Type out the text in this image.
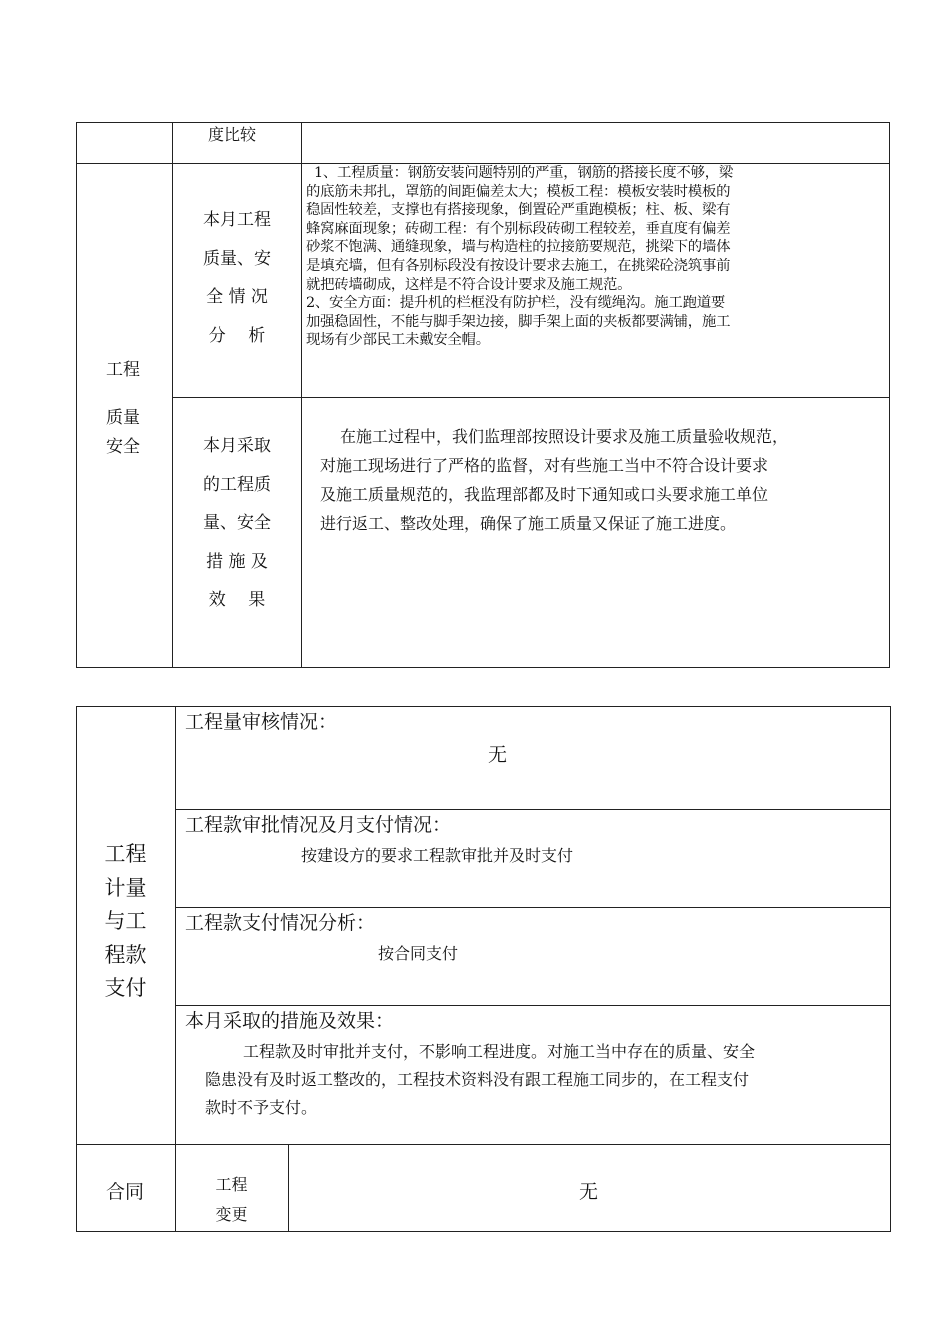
度比较
工程
质量
安全

本月工程

质量、安

全 情 况

分　 析

1、工程质量：钢筋安装问题特别的严重，钢筋的搭接长度不够，梁

的底筋未邦扎，罩筋的间距偏差太大；模板工程：模板安装时模板的

稳固性较差，支撑也有搭接现象，倒置砼严重跑模板；柱、板、梁有

蜂窝麻面现象；砖砌工程：有个别标段砖砌工程较差，垂直度有偏差

砂浆不饱满、通缝现象，墙与构造柱的拉接筋要规范，挑梁下的墙体

是填充墙，但有各别标段没有按设计要求去施工，在挑梁砼浇筑事前

就把砖墙砌成，这样是不符合设计要求及施工规范。

2、安全方面：提升机的栏框没有防护栏，没有缆绳沟。施工跑道要

加强稳固性，不能与脚手架边接，脚手架上面的夹板都要满铺，施工

现场有少部民工未戴安全帽。

本月采取

的工程质

量、安全

措 施 及

效　 果

在施工过程中，我们监理部按照设计要求及施工质量验收规范，

对施工现场进行了严格的监督，对有些施工当中不符合设计要求

及施工质量规范的，我监理部都及时下通知或口头要求施工单位

进行返工、整改处理，确保了施工质量又保证了施工进度。

工程

计量

与工

程款

支付

工程量审核情况：
无
工程款审批情况及月支付情况：
按建设方的要求工程款审批并及时支付
工程款支付情况分析：
按合同支付
本月采取的措施及效果：

工程款及时审批并支付，不影响工程进度。对施工当中存在的质量、安全

隐患没有及时返工整改的，工程技术资料没有跟工程施工同步的，在工程支付

款时不予支付。

合同	工程

变更

无
